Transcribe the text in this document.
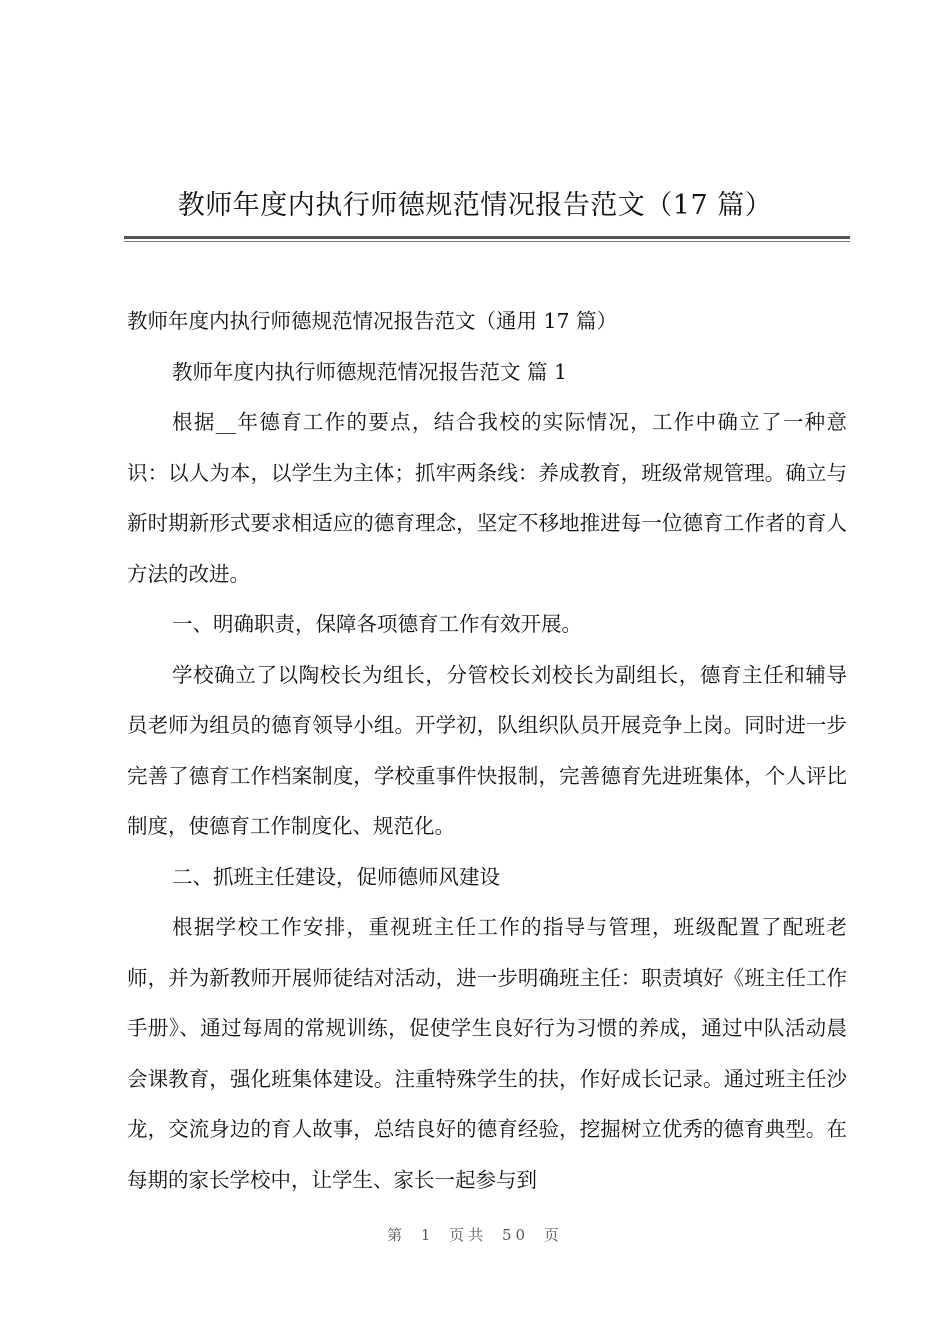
教师年度内执行师德规范情况报告范文（17 篇）

教师年度内执行师德规范情况报告范文（通用 17 篇）

教师年度内执行师德规范情况报告范文 篇 1

根据__年德育工作的要点，结合我校的实际情况，工作中确立了一种意识：以人为本，以学生为主体；抓牢两条线：养成教育，班级常规管理。确立与新时期新形式要求相适应的德育理念，坚定不移地推进每一位德育工作者的育人方法的改进。

一、明确职责，保障各项德育工作有效开展。

学校确立了以陶校长为组长，分管校长刘校长为副组长，德育主任和辅导员老师为组员的德育领导小组。开学初，队组织队员开展竞争上岗。同时进一步完善了德育工作档案制度，学校重事件快报制，完善德育先进班集体，个人评比制度，使德育工作制度化、规范化。

二、抓班主任建设，促师德师风建设

根据学校工作安排，重视班主任工作的指导与管理，班级配置了配班老师，并为新教师开展师徒结对活动，进一步明确班主任：职责填好《班主任工作手册》、通过每周的常规训练，促使学生良好行为习惯的养成，通过中队活动晨会课教育，强化班集体建设。注重特殊学生的扶，作好成长记录。通过班主任沙龙，交流身边的育人故事，总结良好的德育经验，挖掘树立优秀的德育典型。在每期的家长学校中，让学生、家长一起参与到

第 1 页共 50 页
